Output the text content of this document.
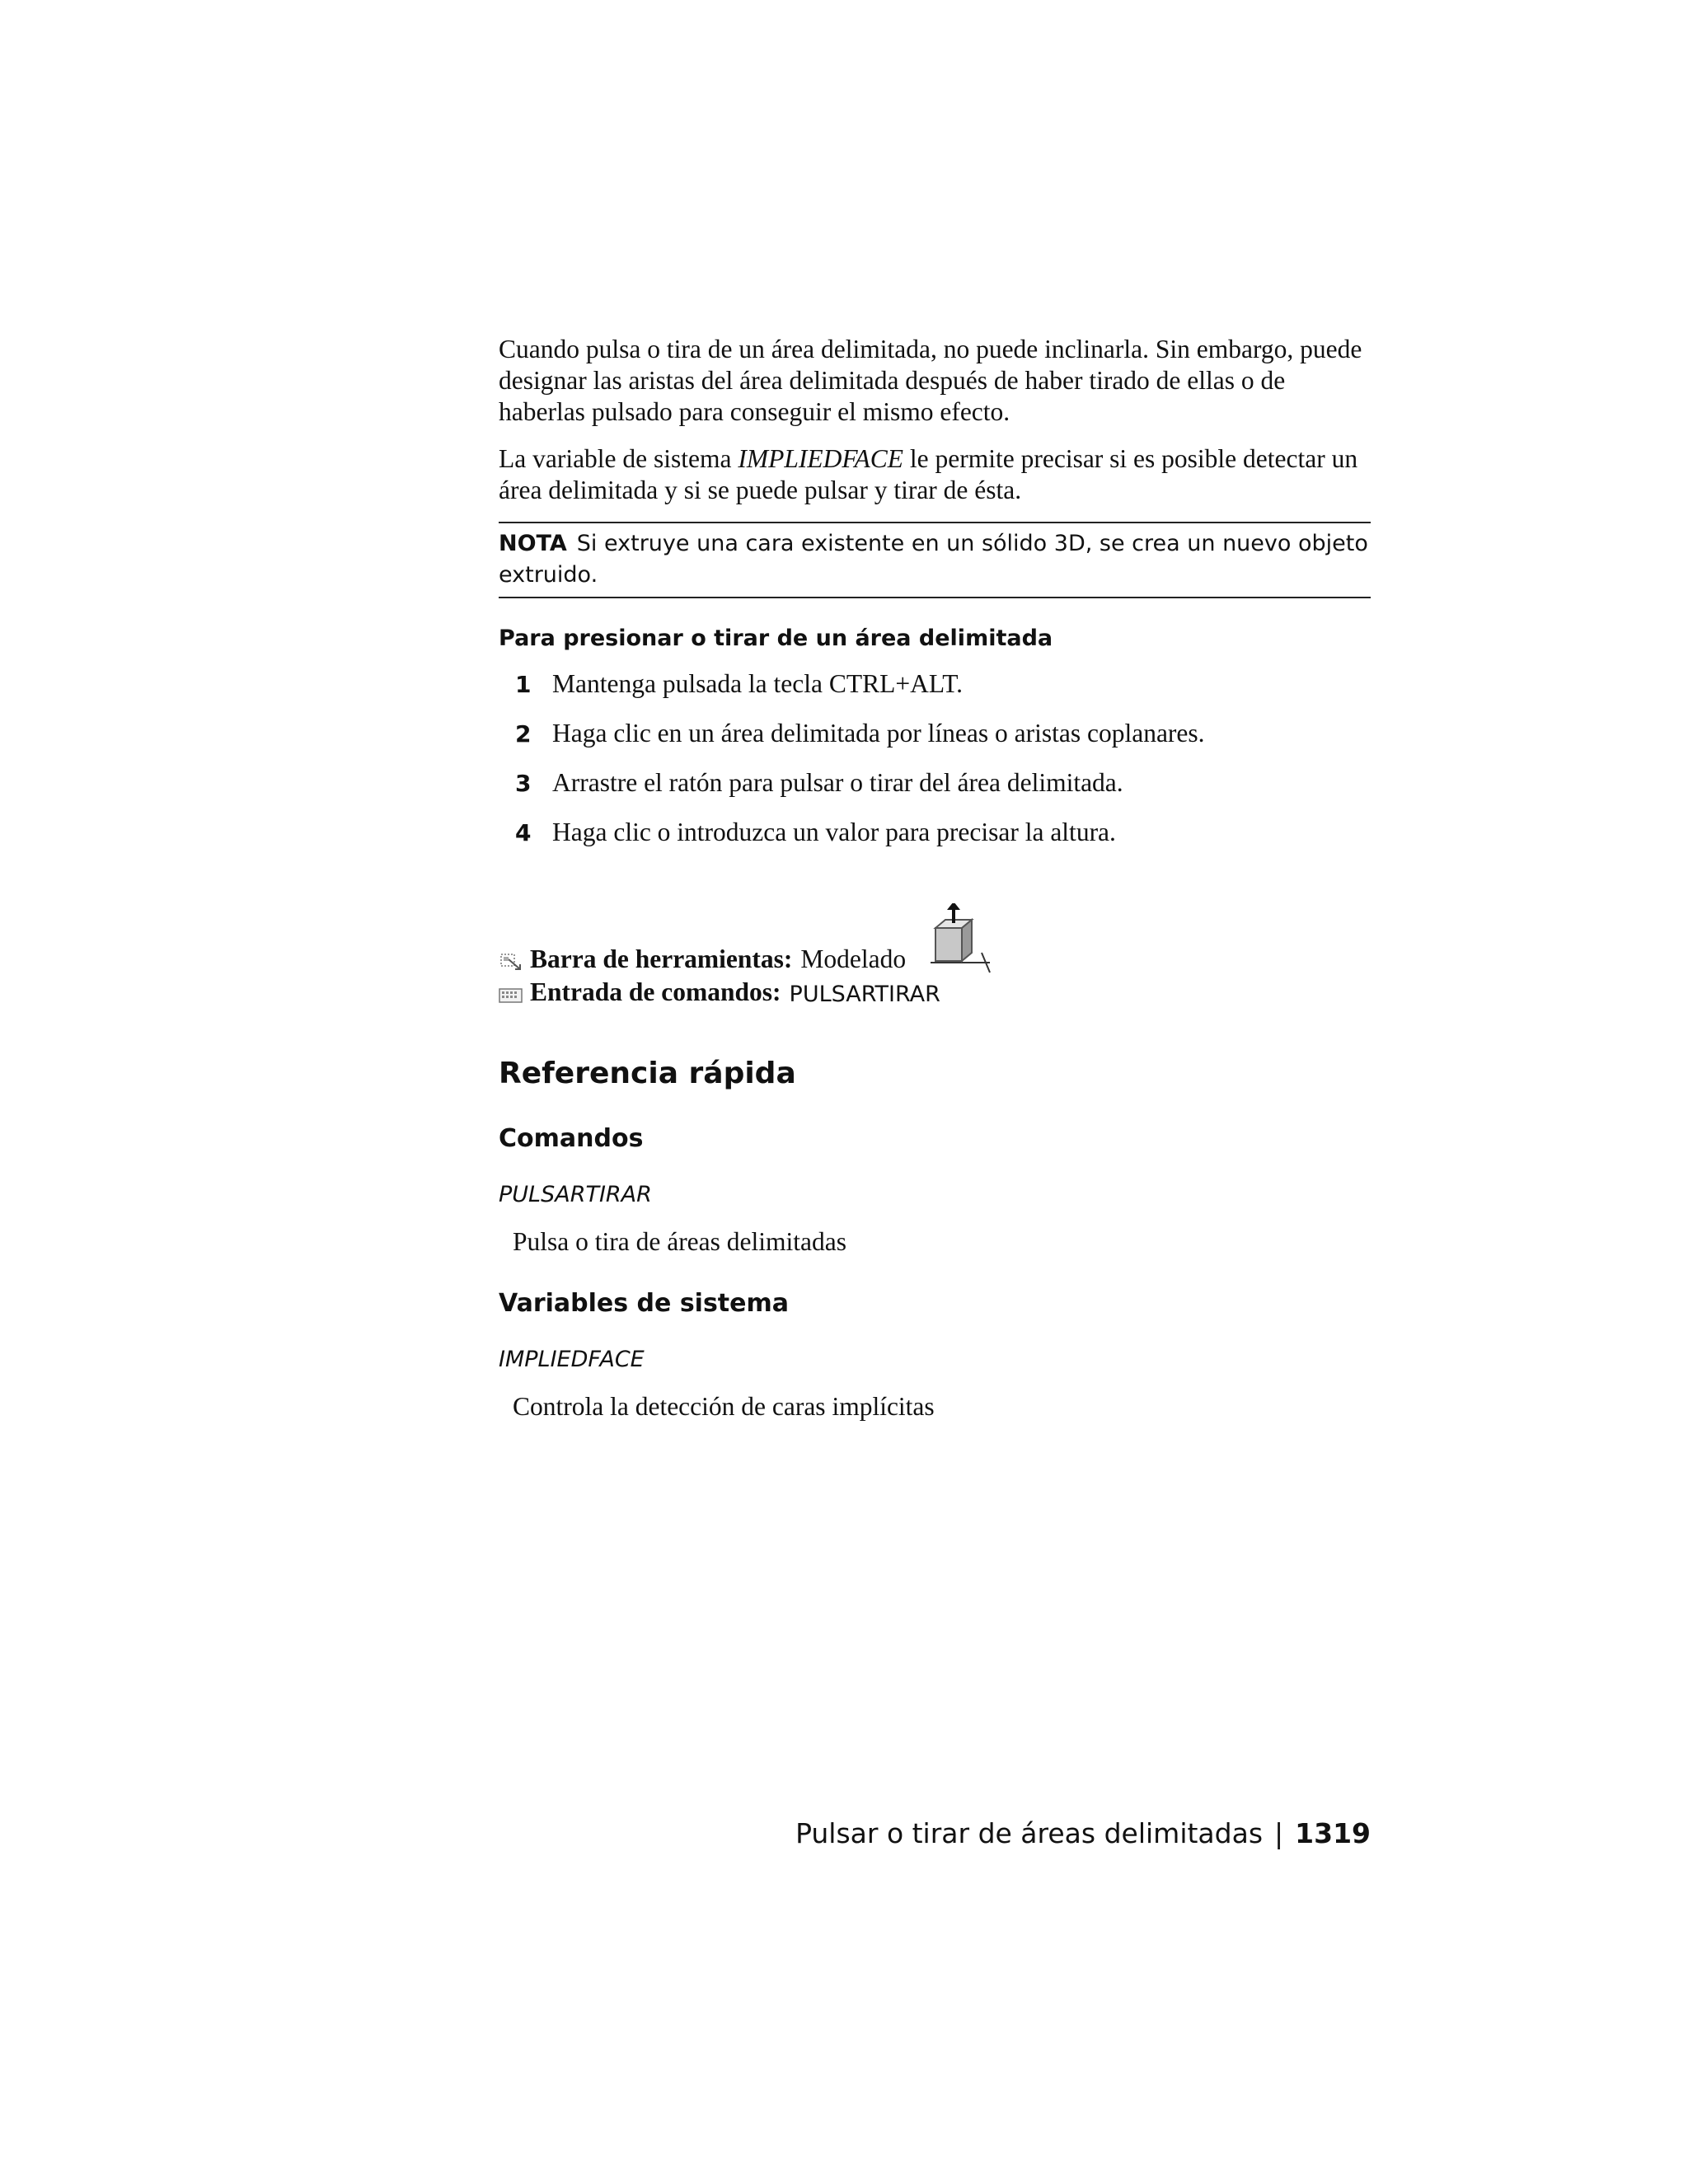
Cuando pulsa o tira de un área delimitada, no puede inclinarla. Sin embargo, puede designar las aristas del área delimitada después de haber tirado de ellas o de haberlas pulsado para conseguir el mismo efecto.

La variable de sistema IMPLIEDFACE le permite precisar si es posible detectar un área delimitada y si se puede pulsar y tirar de ésta.

NOTA Si extruye una cara existente en un sólido 3D, se crea un nuevo objeto extruido.
Para presionar o tirar de un área delimitada
1 Mantenga pulsada la tecla CTRL+ALT.
2 Haga clic en un área delimitada por líneas o aristas coplanares.
3 Arrastre el ratón para pulsar o tirar del área delimitada.
4 Haga clic o introduzca un valor para precisar la altura.
Barra de herramientas: Modelado
Entrada de comandos: PULSARTIRAR
Referencia rápida
Comandos
PULSARTIRAR
Pulsa o tira de áreas delimitadas
Variables de sistema
IMPLIEDFACE
Controla la detección de caras implícitas
Pulsar o tirar de áreas delimitadas | 1319
